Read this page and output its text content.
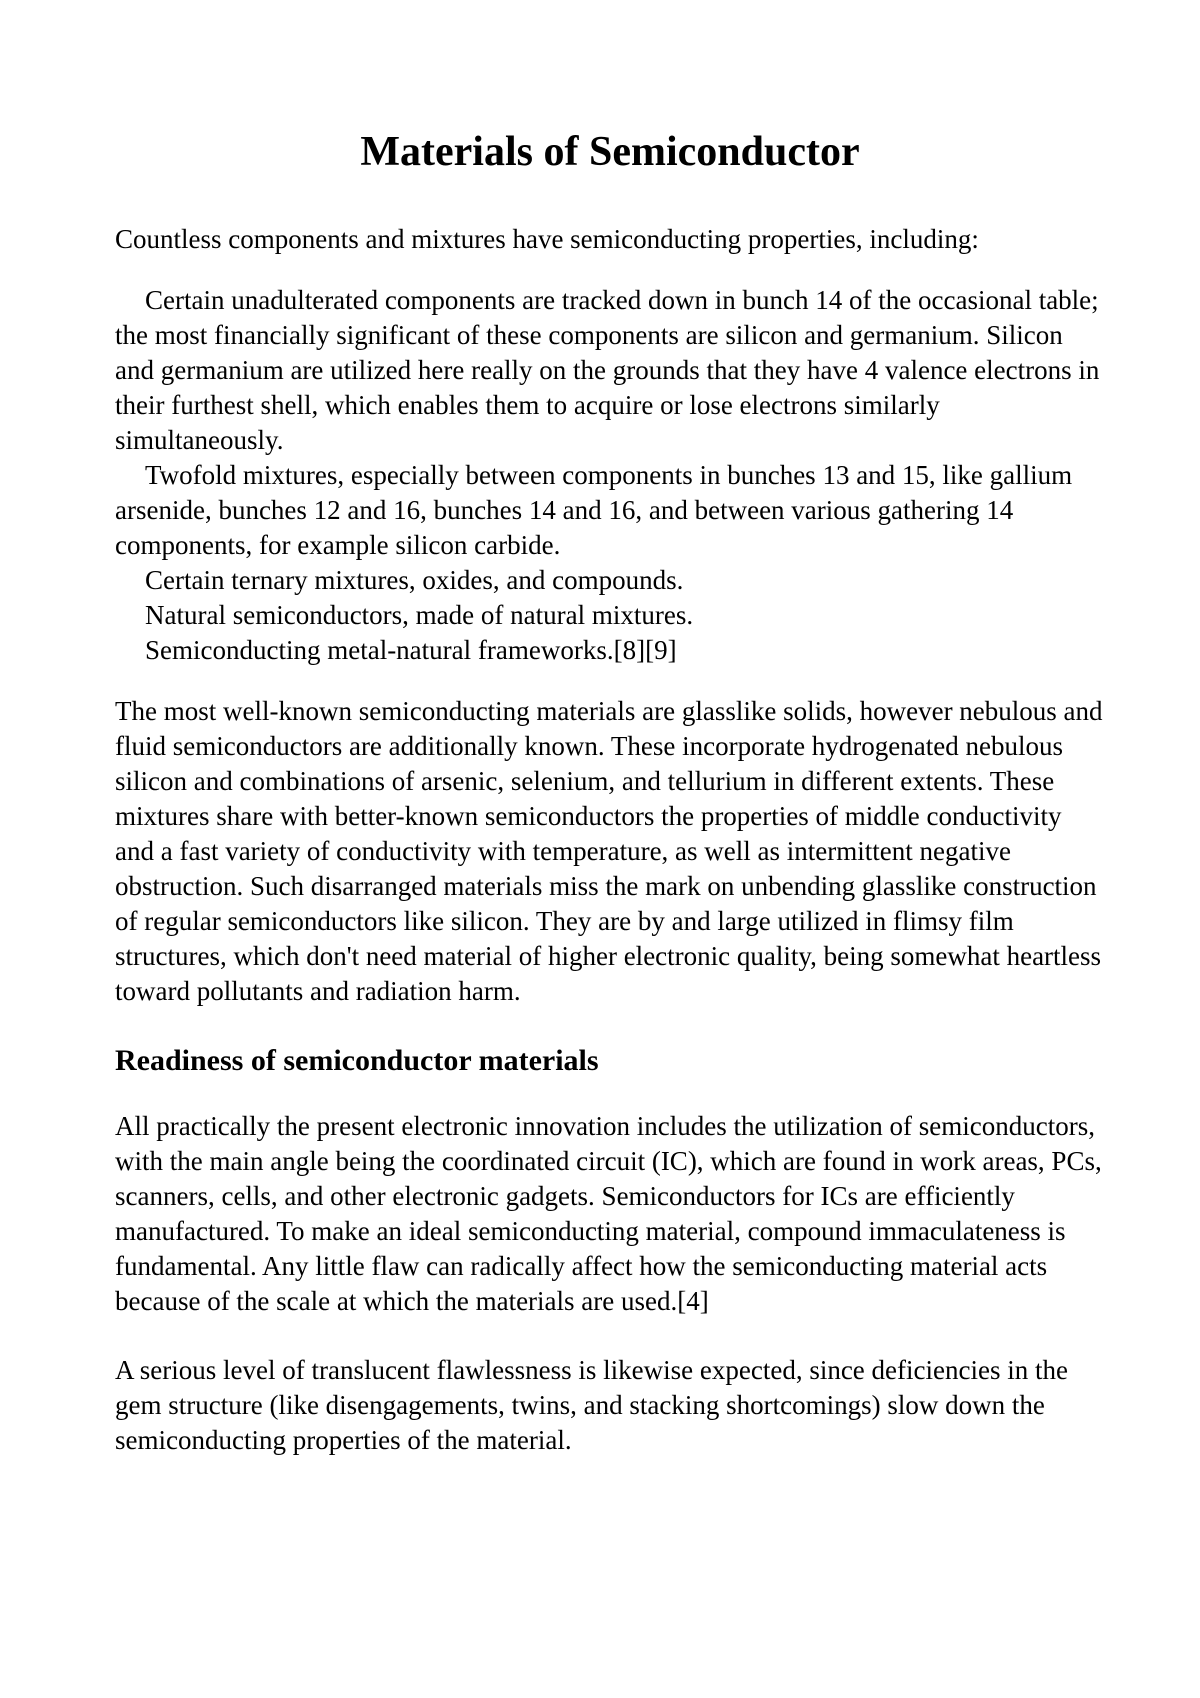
Materials of Semiconductor

Countless components and mixtures have semiconducting properties, including:

Certain unadulterated components are tracked down in bunch 14 of the occasional table; the most financially significant of these components are silicon and germanium. Silicon and germanium are utilized here really on the grounds that they have 4 valence electrons in their furthest shell, which enables them to acquire or lose electrons similarly simultaneously.

Twofold mixtures, especially between components in bunches 13 and 15, like gallium arsenide, bunches 12 and 16, bunches 14 and 16, and between various gathering 14 components, for example silicon carbide.

Certain ternary mixtures, oxides, and compounds.

Natural semiconductors, made of natural mixtures.

Semiconducting metal-natural frameworks.[8][9]

The most well-known semiconducting materials are glasslike solids, however nebulous and fluid semiconductors are additionally known. These incorporate hydrogenated nebulous silicon and combinations of arsenic, selenium, and tellurium in different extents. These mixtures share with better-known semiconductors the properties of middle conductivity and a fast variety of conductivity with temperature, as well as intermittent negative obstruction. Such disarranged materials miss the mark on unbending glasslike construction of regular semiconductors like silicon. They are by and large utilized in flimsy film structures, which don't need material of higher electronic quality, being somewhat heartless toward pollutants and radiation harm.

Readiness of semiconductor materials

All practically the present electronic innovation includes the utilization of semiconductors, with the main angle being the coordinated circuit (IC), which are found in work areas, PCs, scanners, cells, and other electronic gadgets. Semiconductors for ICs are efficiently manufactured. To make an ideal semiconducting material, compound immaculateness is fundamental. Any little flaw can radically affect how the semiconducting material acts because of the scale at which the materials are used.[4]

A serious level of translucent flawlessness is likewise expected, since deficiencies in the gem structure (like disengagements, twins, and stacking shortcomings) slow down the semiconducting properties of the material.
